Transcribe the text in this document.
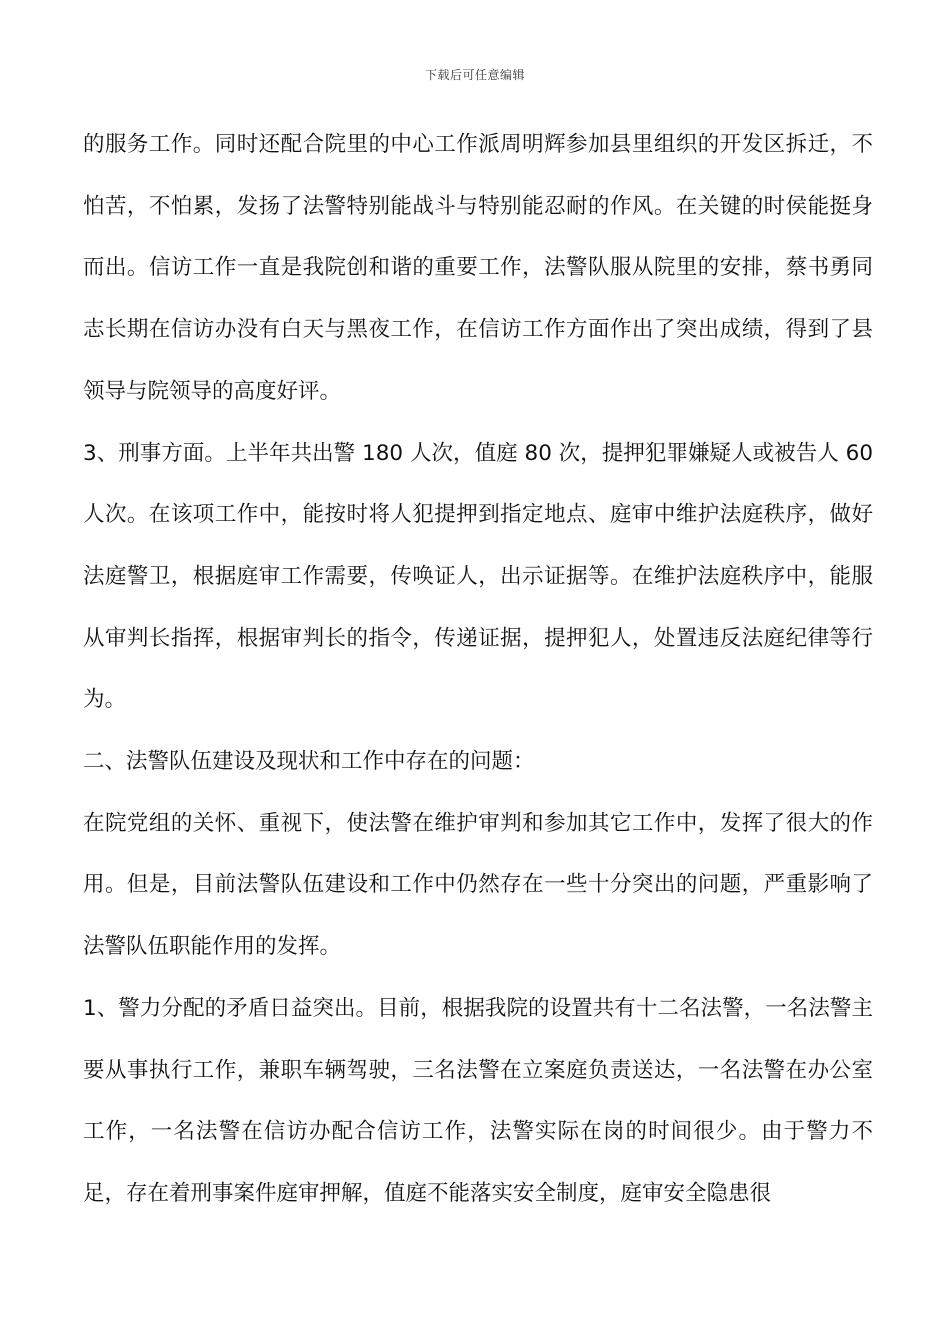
下载后可任意编辑

的服务工作。同时还配合院里的中心工作派周明辉参加县里组织的开发区拆迁，不怕苦，不怕累，发扬了法警特别能战斗与特别能忍耐的作风。在关键的时侯能挺身而出。信访工作一直是我院创和谐的重要工作，法警队服从院里的安排，蔡书勇同志长期在信访办没有白天与黑夜工作，在信访工作方面作出了突出成绩，得到了县领导与院领导的高度好评。

3、刑事方面。上半年共出警 180 人次，值庭 80 次，提押犯罪嫌疑人或被告人 60 人次。在该项工作中，能按时将人犯提押到指定地点、庭审中维护法庭秩序，做好法庭警卫，根据庭审工作需要，传唤证人，出示证据等。在维护法庭秩序中，能服从审判长指挥，根据审判长的指令，传递证据，提押犯人，处置违反法庭纪律等行为。

二、法警队伍建设及现状和工作中存在的问题：

在院党组的关怀、重视下，使法警在维护审判和参加其它工作中，发挥了很大的作用。但是，目前法警队伍建设和工作中仍然存在一些十分突出的问题，严重影响了法警队伍职能作用的发挥。

1、警力分配的矛盾日益突出。目前，根据我院的设置共有十二名法警，一名法警主要从事执行工作，兼职车辆驾驶，三名法警在立案庭负责送达，一名法警在办公室工作，一名法警在信访办配合信访工作，法警实际在岗的时间很少。由于警力不足，存在着刑事案件庭审押解，值庭不能落实安全制度，庭审安全隐患很
